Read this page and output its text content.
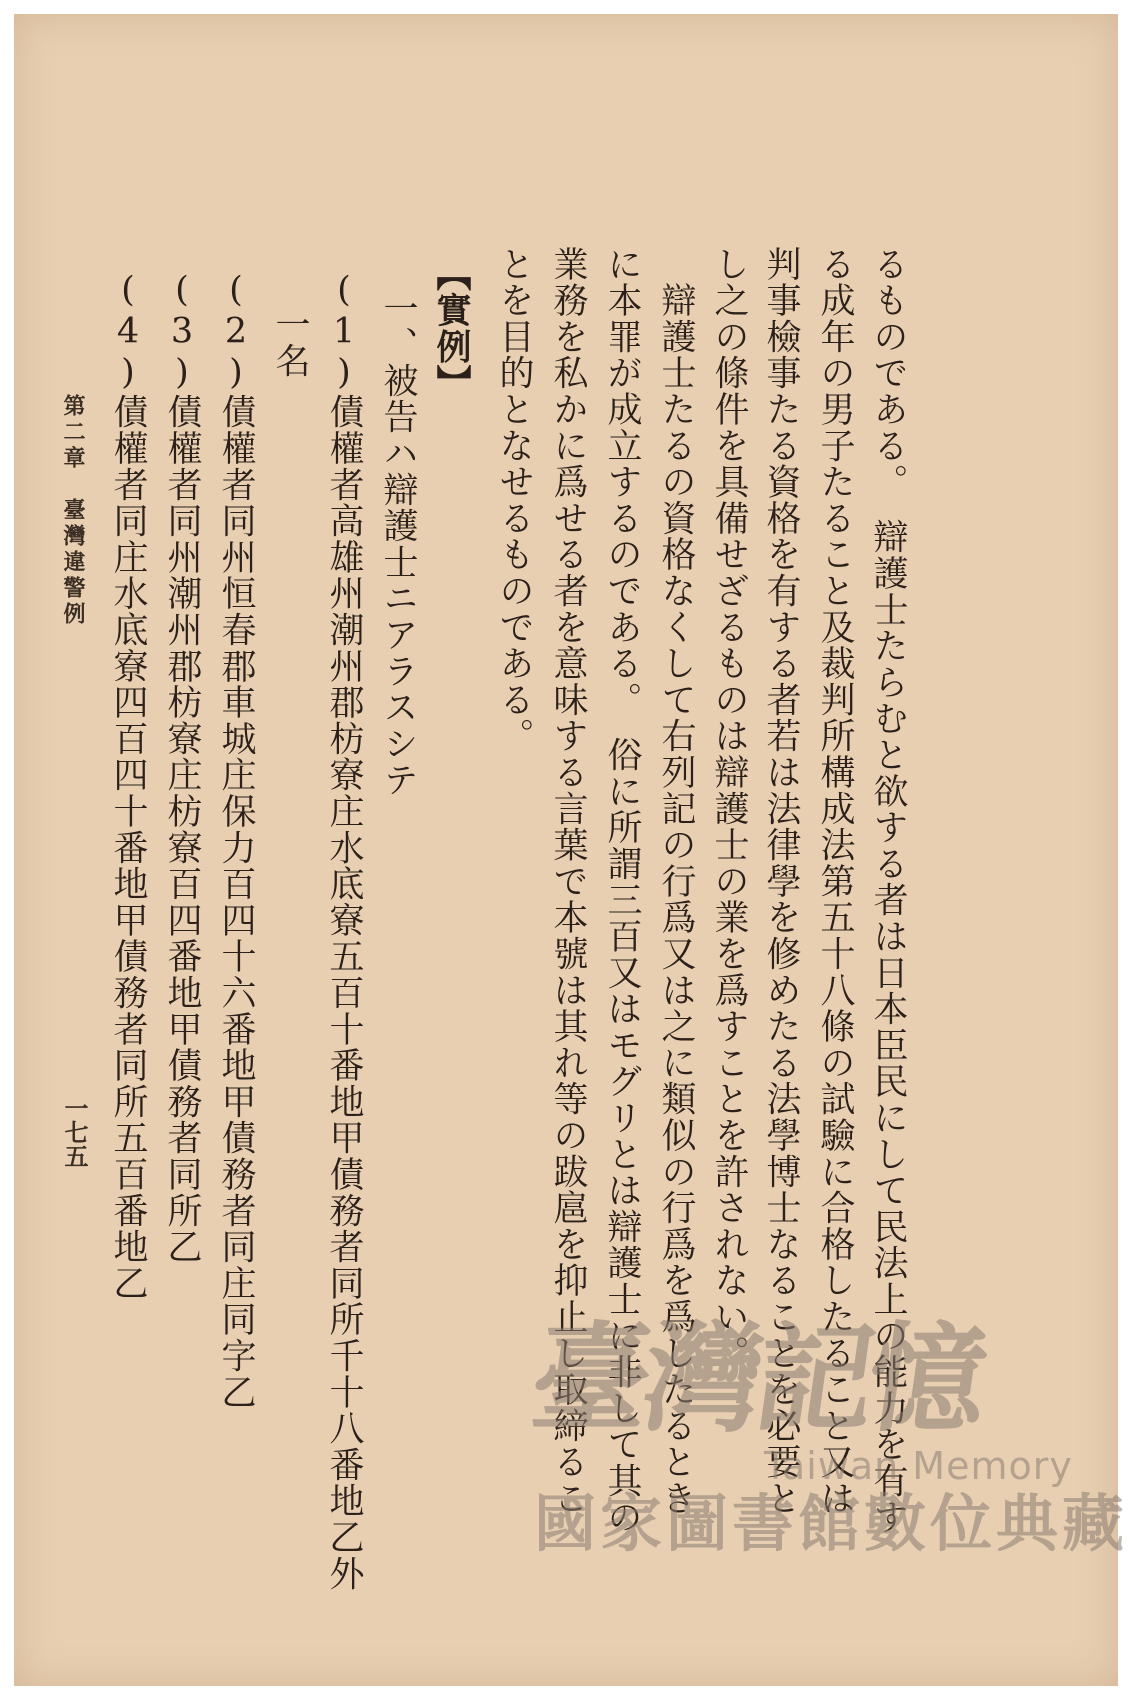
るものである。　辯護士たらむと欲する者は日本臣民にして民法上の能力を有す
る成年の男子たること及裁判所構成法第五十八條の試驗に合格したること又は
判事檢事たる資格を有する者若は法律學を修めたる法學博士なることを必要と
し之の條件を具備せざるものは辯護士の業を爲すことを許されない。
　辯護士たるの資格なくして右列記の行爲又は之に類似の行爲を爲したるとき
に本罪が成立するのである。　俗に所謂三百又はモグリとは辯護士に非して其の
業務を私かに爲せる者を意味する言葉で本號は其れ等の跋扈を抑止し取締るこ
とを目的となせるものである。
【實例】
一、被告ハ辯護士ニアラスシテ
(1)債權者高雄州潮州郡枋寮庄水底寮五百十番地甲債務者同所千十八番地乙外
　一名
(2)債權者同州恒春郡車城庄保力百四十六番地甲債務者同庄同字乙
(3)債權者同州潮州郡枋寮庄枋寮百四番地甲債務者同所乙
(4)債權者同庄水底寮四百四十番地甲債務者同所五百番地乙
第二章　臺灣違警例
一七五
臺灣記憶
Taiwan Memory
國家圖書館數位典藏
